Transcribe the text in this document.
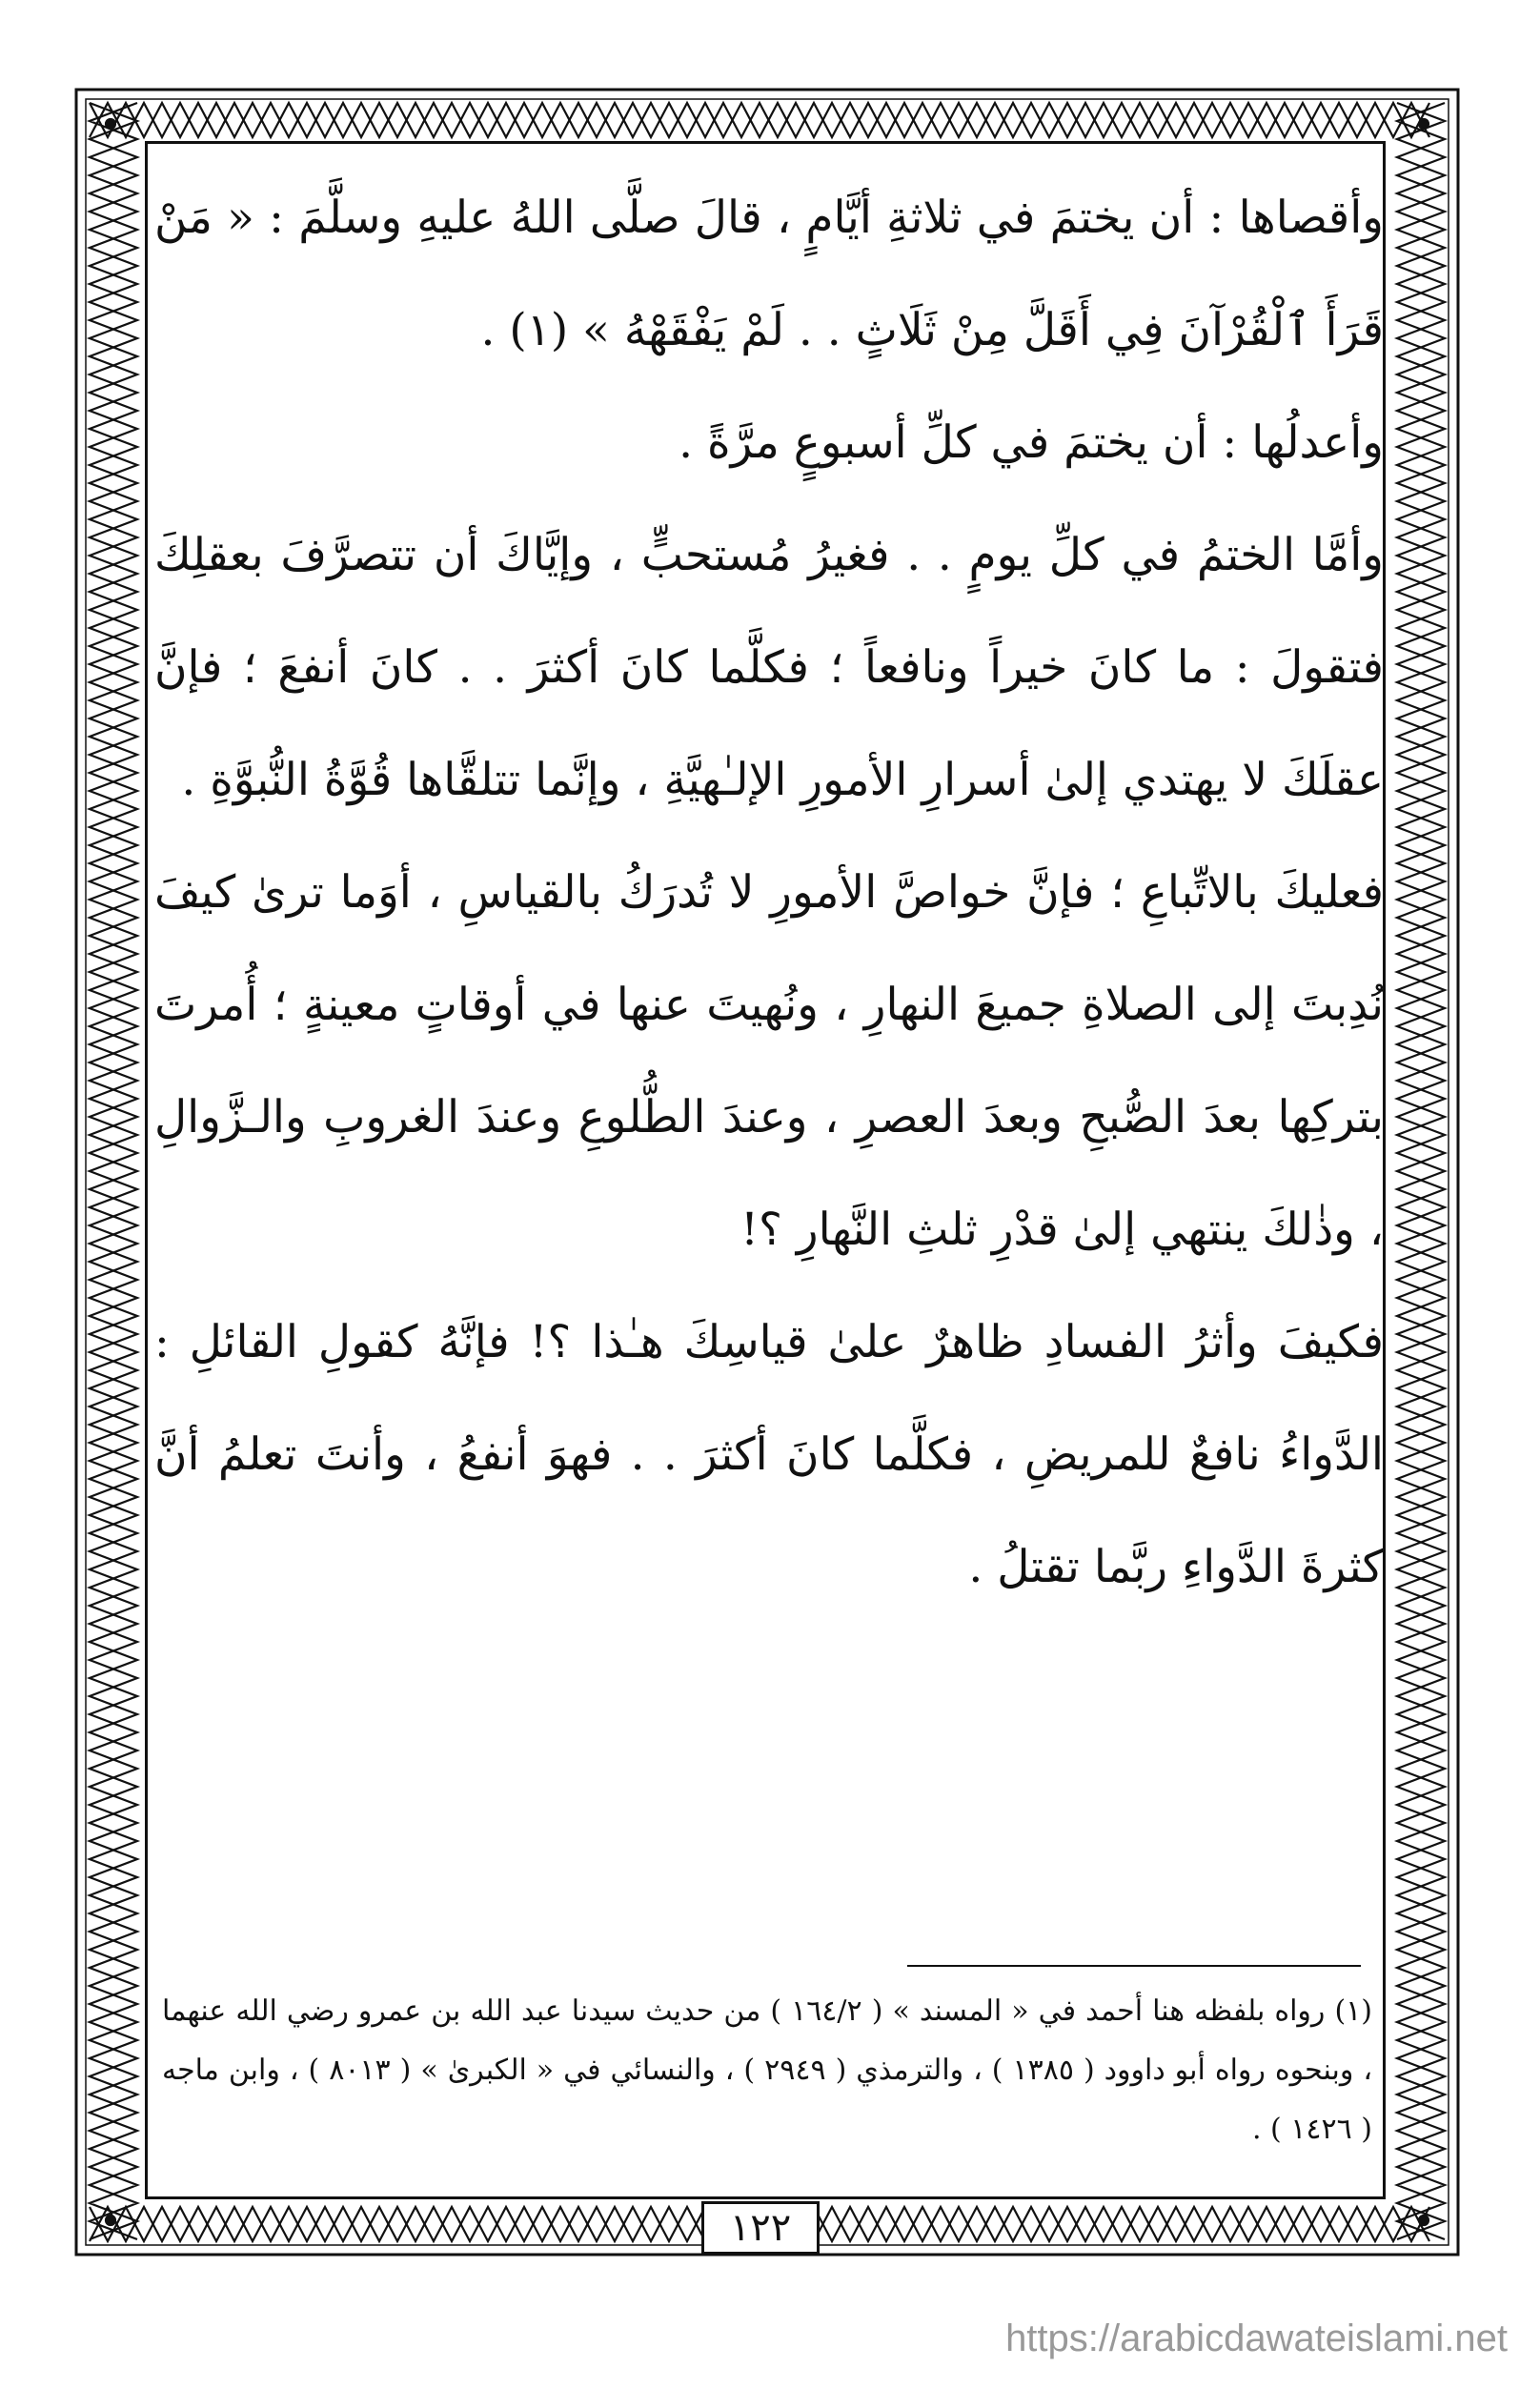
وأقصاها : أن يختمَ في ثلاثةِ أيَّامٍ ، قالَ صلَّى اللهُ عليهِ وسلَّمَ : « مَنْ قَرَأَ ٱلْقُرْآنَ فِي أَقَلَّ مِنْ ثَلَاثٍ . . لَمْ يَفْقَهْهُ » (١) .

وأعدلُها : أن يختمَ في كلِّ أسبوعٍ مرَّةً .

وأمَّا الختمُ في كلِّ يومٍ . . فغيرُ مُستحبٍّ ، وإيَّاكَ أن تتصرَّفَ بعقلِكَ فتقولَ : ما كانَ خيراً ونافعاً ؛ فكلَّما كانَ أكثرَ . . كانَ أنفعَ ؛ فإنَّ عقلَكَ لا يهتدي إلىٰ أسرارِ الأمورِ الإلـٰهيَّةِ ، وإنَّما تتلقَّاها قُوَّةُ النُّبوَّةِ .

فعليكَ بالاتِّباعِ ؛ فإنَّ خواصَّ الأمورِ لا تُدرَكُ بالقياسِ ، أوَما ترىٰ كيفَ نُدِبتَ إلى الصلاةِ جميعَ النهارِ ، ونُهيتَ عنها في أوقاتٍ معينةٍ ؛ أُمرتَ بتركِها بعدَ الصُّبحِ وبعدَ العصرِ ، وعندَ الطُّلوعِ وعندَ الغروبِ والـزَّوالِ ، وذٰلكَ ينتهي إلىٰ قدْرِ ثلثِ النَّهارِ ؟!

فكيفَ وأثرُ الفسادِ ظاهرٌ علىٰ قياسِكَ هـٰذا ؟! فإنَّهُ كقولِ القائلِ : الدَّواءُ نافعٌ للمريضِ ، فكلَّما كانَ أكثرَ . . فهوَ أنفعُ ، وأنتَ تعلمُ أنَّ كثرةَ الدَّواءِ ربَّما تقتلُ .

(١) رواه بلفظه هنا أحمد في « المسند » ( ١٦٤/٢ ) من حديث سيدنا عبد الله بن عمرو رضي الله عنهما ، وبنحوه رواه أبو داوود ( ١٣٨٥ ) ، والترمذي ( ٢٩٤٩ ) ، والنسائي في « الكبرىٰ » ( ٨٠١٣ ) ، وابن ماجه ( ١٤٢٦ ) .
١٢٢
https://arabicdawateislami.net
